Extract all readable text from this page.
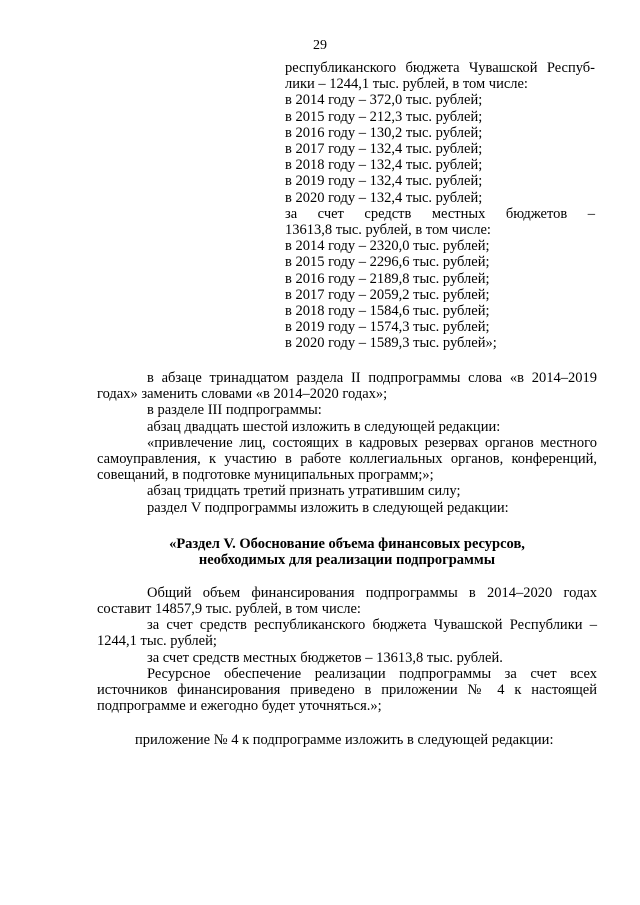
29
республиканского бюджета Чувашской Респуб-
лики – 1244,1 тыс. рублей, в том числе:
в 2014 году – 372,0 тыс. рублей;
в 2015 году – 212,3 тыс. рублей;
в 2016 году – 130,2 тыс. рублей;
в 2017 году – 132,4 тыс. рублей;
в 2018 году – 132,4 тыс. рублей;
в 2019 году – 132,4 тыс. рублей;
в 2020 году – 132,4 тыс. рублей;
за счет средств местных бюджетов –
13613,8 тыс. рублей, в том числе:
в 2014 году – 2320,0 тыс. рублей;
в 2015 году – 2296,6 тыс. рублей;
в 2016 году – 2189,8 тыс. рублей;
в 2017 году – 2059,2 тыс. рублей;
в 2018 году – 1584,6 тыс. рублей;
в 2019 году – 1574,3 тыс. рублей;
в 2020 году – 1589,3 тыс. рублей»;

в абзаце тринадцатом раздела II подпрограммы слова «в 2014–2019 годах» заменить словами «в 2014–2020 годах»;

в разделе III подпрограммы:

абзац двадцать шестой изложить в следующей редакции:

«привлечение лиц, состоящих в кадровых резервах органов местного самоуправления, к участию в работе коллегиальных органов, конференций, совещаний, в подготовке муниципальных программ;»;

абзац тридцать третий признать утратившим силу;

раздел V подпрограммы изложить в следующей редакции:

«Раздел V. Обоснование объема финансовых ресурсов,
необходимых для реализации подпрограммы

Общий объем финансирования подпрограммы в 2014–2020 годах составит 14857,9 тыс. рублей, в том числе:

за счет средств республиканского бюджета Чувашской Республики – 1244,1 тыс. рублей;

за счет средств местных бюджетов – 13613,8 тыс. рублей.

Ресурсное обеспечение реализации подпрограммы за счет всех источников финансирования приведено в приложении № 4 к настоящей подпрограмме и ежегодно будет уточняться.»;

приложение № 4 к подпрограмме изложить в следующей редакции:
